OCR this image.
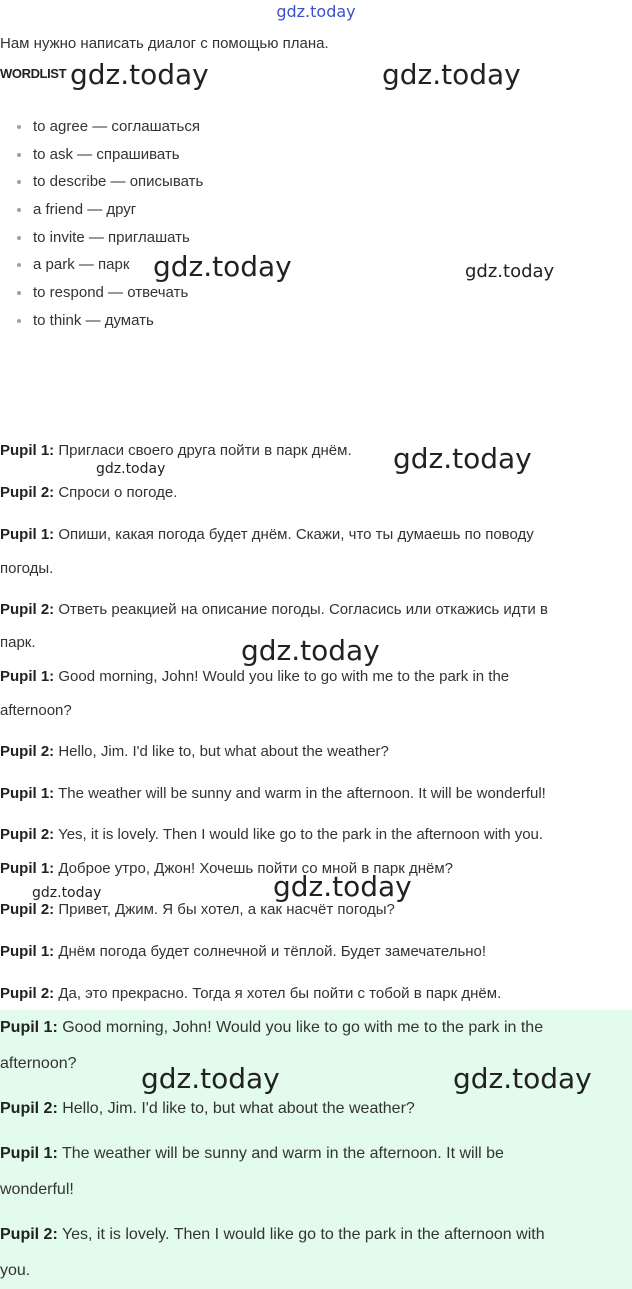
gdz.today
Нам нужно написать диалог с помощью плана.
WORDLIST
to agree — соглашаться
to ask — спрашивать
to describe — описывать
a friend — друг
to invite — приглашать
a park — парк
to respond — отвечать
to think — думать
Pupil 1: Пригласи своего друга пойти в парк днём.
Pupil 2: Спроси о погоде.
Pupil 1: Опиши, какая погода будет днём. Скажи, что ты думаешь по поводу
погоды.
Pupil 2: Ответь реакцией на описание погоды. Согласись или откажись идти в
парк.
Pupil 1: Good morning, John! Would you like to go with me to the park in the
afternoon?
Pupil 2: Hello, Jim. I'd like to, but what about the weather?
Pupil 1: The weather will be sunny and warm in the afternoon. It will be wonderful!
Pupil 2: Yes, it is lovely. Then I would like go to the park in the afternoon with you.
Pupil 1: Доброе утро, Джон! Хочешь пойти со мной в парк днём?
Pupil 2: Привет, Джим. Я бы хотел, а как насчёт погоды?
Pupil 1: Днём погода будет солнечной и тёплой. Будет замечательно!
Pupil 2: Да, это прекрасно. Тогда я хотел бы пойти с тобой в парк днём.
Pupil 1: Good morning, John! Would you like to go with me to the park in the
afternoon?
Pupil 2: Hello, Jim. I'd like to, but what about the weather?
Pupil 1: The weather will be sunny and warm in the afternoon. It will be
wonderful!
Pupil 2: Yes, it is lovely. Then I would like go to the park in the afternoon with
you.
gdz.today	gdz.today
gdz.today	gdz.today
gdz.today
gdz.today
gdz.today
gdz.today
gdz.today
gdz.today	gdz.today
